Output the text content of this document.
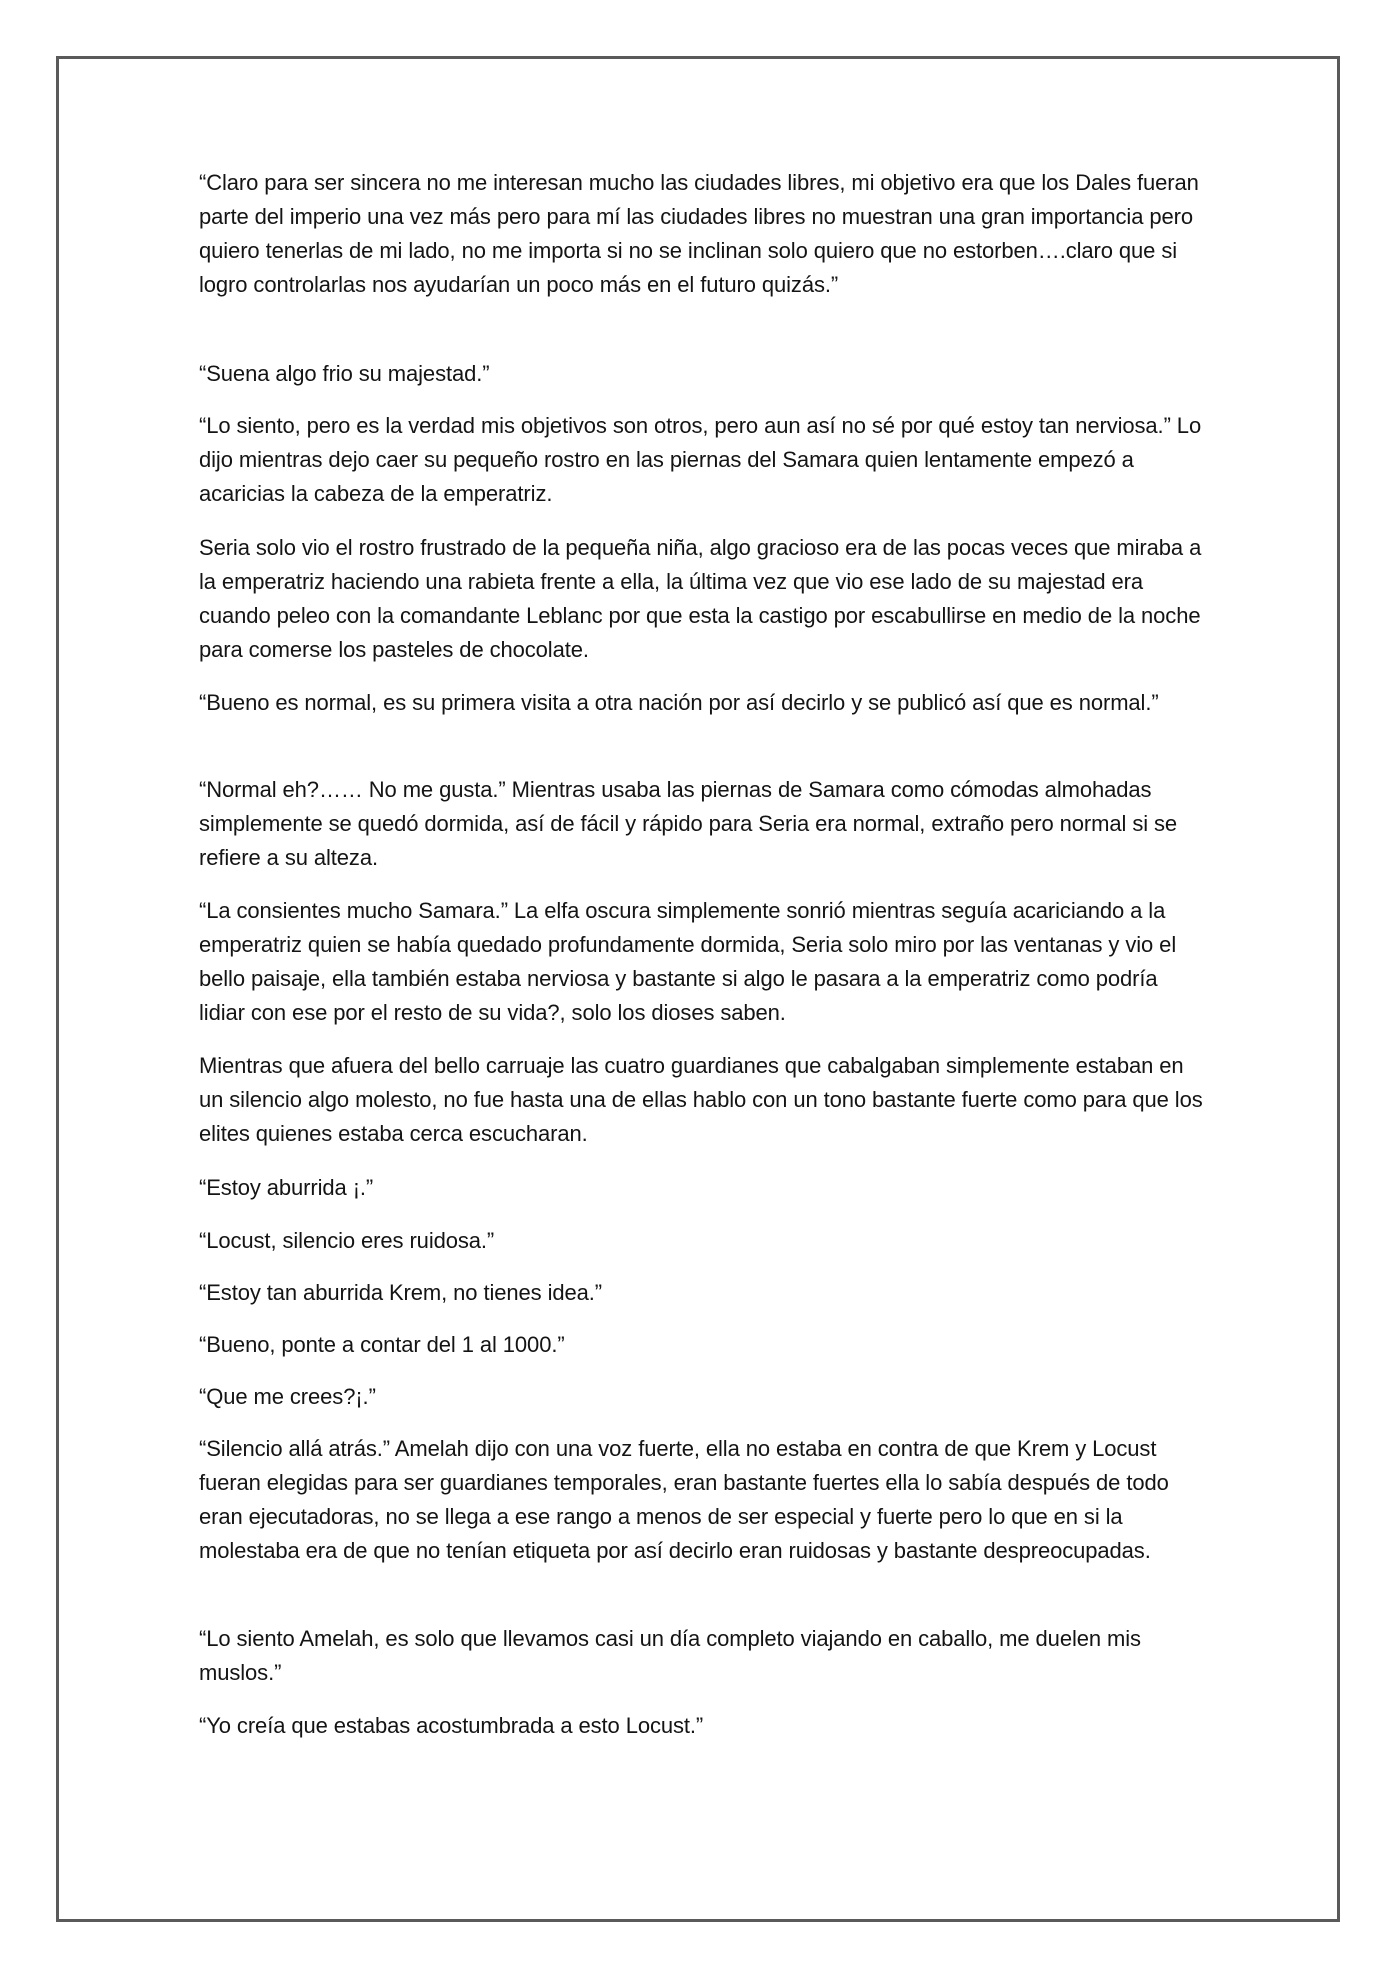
“Claro para ser sincera no me interesan mucho las ciudades libres, mi objetivo era que los Dales fueran parte del imperio una vez más pero para mí las ciudades libres no muestran una gran importancia pero quiero tenerlas de mi lado, no me importa si no se inclinan solo quiero que no estorben….claro que si logro controlarlas nos ayudarían un poco más en el futuro quizás.”

“Suena algo frio su majestad.”

“Lo siento, pero es la verdad mis objetivos son otros, pero aun así no sé por qué estoy tan nerviosa.” Lo dijo mientras dejo caer su pequeño rostro en las piernas del Samara quien lentamente empezó a acaricias la cabeza de la emperatriz.

Seria solo vio el rostro frustrado de la pequeña niña, algo gracioso era de las pocas veces que miraba a la emperatriz haciendo una rabieta frente a ella, la última vez que vio ese lado de su majestad era cuando peleo con la comandante Leblanc por que esta la castigo por escabullirse en medio de la noche para comerse los pasteles de chocolate.

“Bueno es normal, es su primera visita a otra nación por así decirlo y se publicó así que es normal.”

“Normal eh?…… No me gusta.” Mientras usaba las piernas de Samara como cómodas almohadas simplemente se quedó dormida, así de fácil y rápido para Seria era normal, extraño pero normal si se refiere a su alteza.

“La consientes mucho Samara.” La elfa oscura simplemente sonrió mientras seguía acariciando a la emperatriz quien se había quedado profundamente dormida, Seria solo miro por las ventanas y vio el bello paisaje, ella también estaba nerviosa y bastante si algo le pasara a la emperatriz como podría lidiar con ese por el resto de su vida?, solo los dioses saben.

Mientras que afuera del bello carruaje las cuatro guardianes que cabalgaban simplemente estaban en un silencio algo molesto, no fue hasta una de ellas hablo con un tono bastante fuerte como para que los elites quienes estaba cerca escucharan.

“Estoy aburrida ¡.”

“Locust, silencio eres ruidosa.”

“Estoy tan aburrida Krem, no tienes idea.”

“Bueno, ponte a contar del 1 al 1000.”

“Que me crees?¡.”

“Silencio allá atrás.” Amelah dijo con una voz fuerte, ella no estaba en contra de que Krem y Locust fueran elegidas para ser guardianes temporales, eran bastante fuertes ella lo sabía después de todo eran ejecutadoras, no se llega a ese rango a menos de ser especial y fuerte pero lo que en si la molestaba era de que no tenían etiqueta por así decirlo eran ruidosas y bastante despreocupadas.

“Lo siento Amelah, es solo que llevamos casi un día completo viajando en caballo, me duelen mis muslos.”

“Yo creía que estabas acostumbrada a esto Locust.”
